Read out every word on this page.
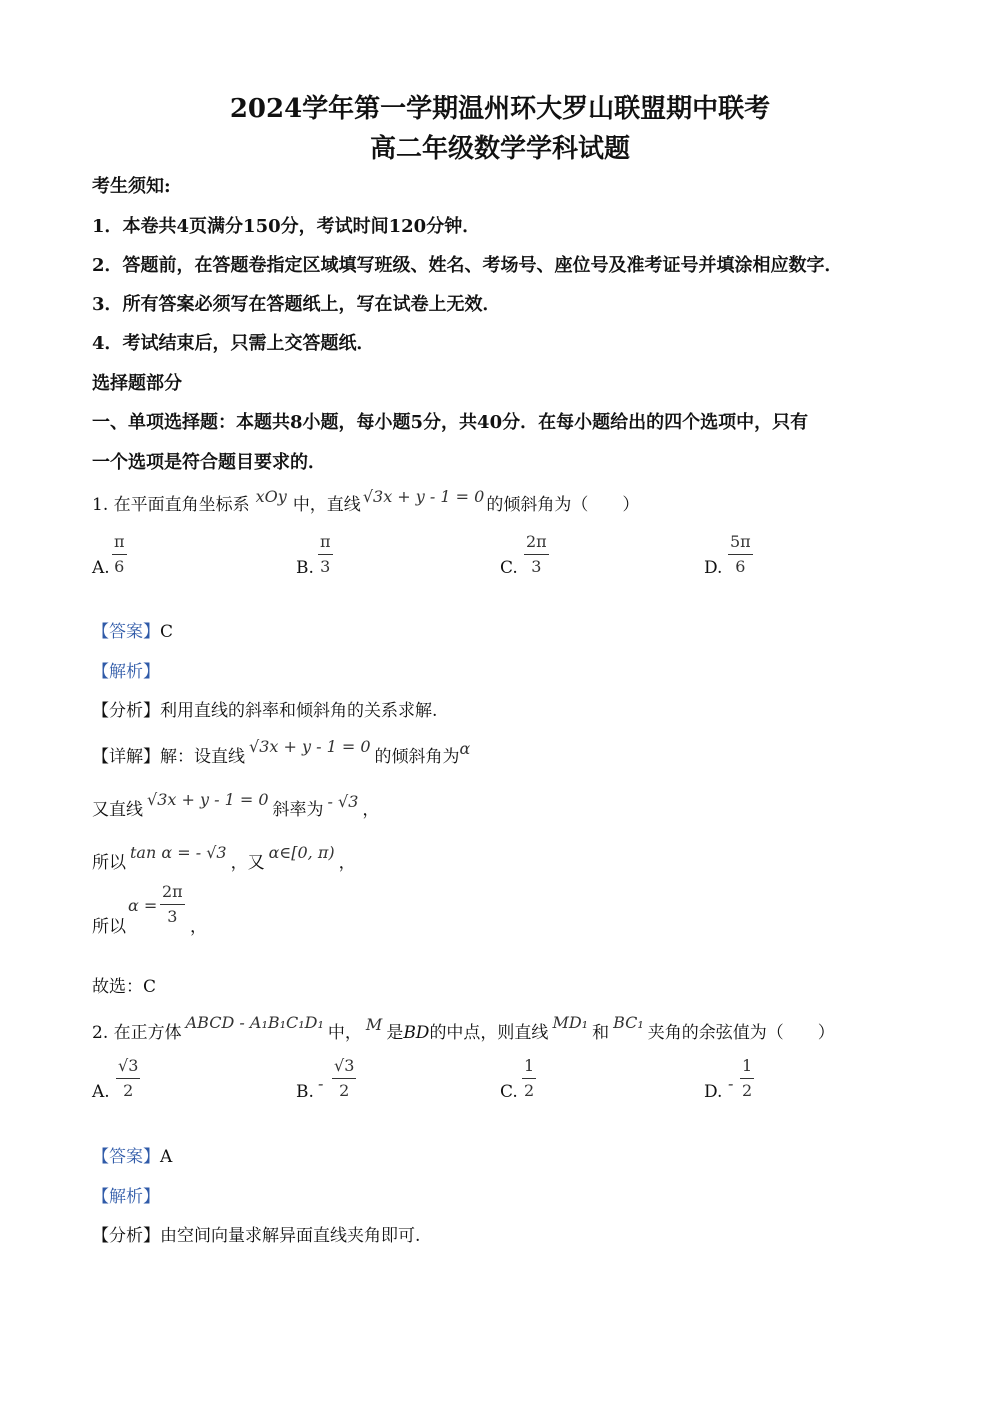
2024学年第一学期温州环大罗山联盟期中联考
高二年级数学学科试题
考生须知:
1．本卷共4页满分150分，考试时间120分钟．
2．答题前，在答题卷指定区域填写班级、姓名、考场号、座位号及准考证号并填涂相应数字．
3．所有答案必须写在答题纸上，写在试卷上无效．
4．考试结束后，只需上交答题纸．
选择题部分
一、单项选择题：本题共8小题，每小题5分，共40分．在每小题给出的四个选项中，只有
一个选项是符合题目要求的．
1. 在平面直角坐标系 xOy 中，直线 √3x + y - 1 = 0 的倾斜角为（　　）
A. $\frac{\pi}{6}$	B. $\frac{\pi}{3}$	C. $\frac{2\pi}{3}$	D. $\frac{5\pi}{6}$
【答案】C
【解析】
【分析】利用直线的斜率和倾斜角的关系求解.
【详解】解：设直线√3x + y - 1 = 0的倾斜角为α
又直线√3x + y - 1 = 0斜率为 - √3 ，
所以tan α = - √3，又α∈[0, π)，
所以
$\alpha = \frac{2\pi}{3}$ ，
故选：C
2. 在正方体ABCD - A₁B₁C₁D₁中， M 是BD的中点，则直线MD₁和BC₁夹角的余弦值为（　　）
A. $\frac{√3}{2}$	B. - $\frac{√3}{2}$	C. $\frac{1}{2}$	D. - $\frac{1}{2}$
【答案】A
【解析】
【分析】由空间向量求解异面直线夹角即可.
